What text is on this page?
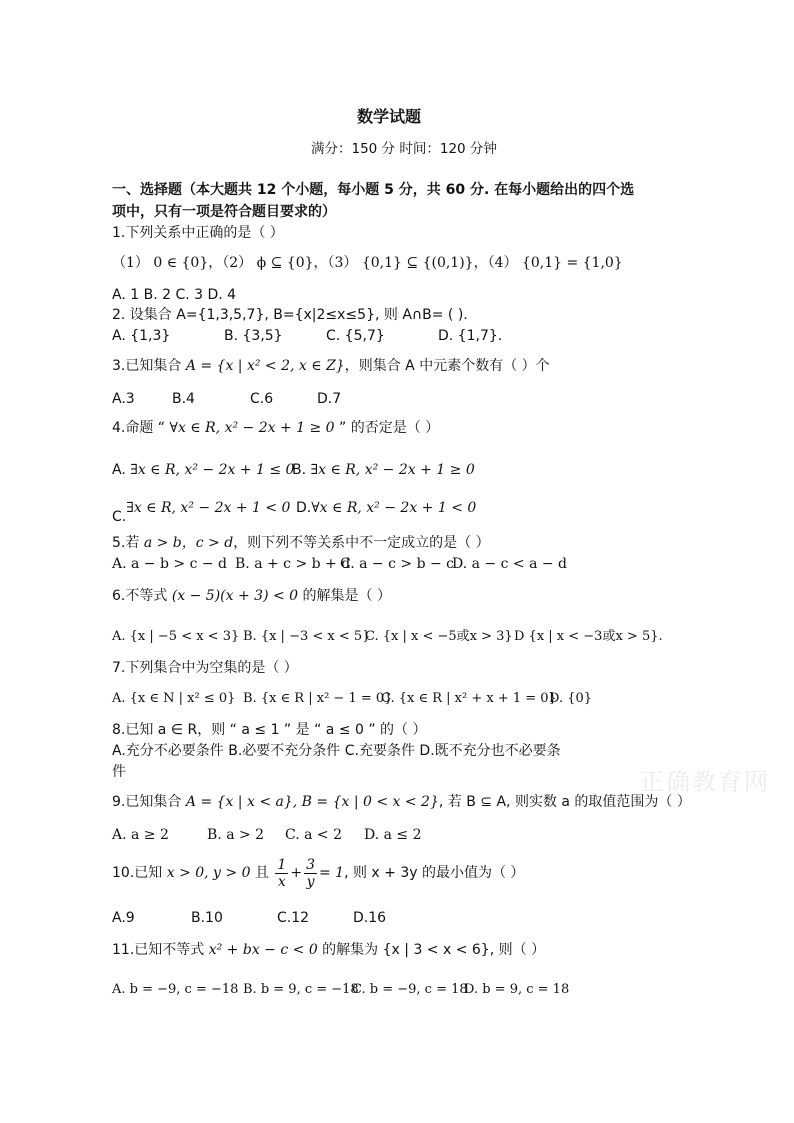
数学试题
满分：150 分 时间：120 分钟
一、选择题（本大题共 12 个小题，每小题 5 分，共 60 分. 在每小题给出的四个选
项中，只有一项是符合题目要求的）
1.下列关系中正确的是（ ）
（1） 0 ∈ {0}，（2） ϕ ⊆ {0}，（3） {0,1} ⊆ {(0,1)}，（4） {0,1} = {1,0}
A. 1 B. 2 C. 3 D. 4
2. 设集合 A={1,3,5,7}, B={x|2≤x≤5}, 则 A∩B= ( ).
A. {1,3}	B. {3,5}	C. {5,7}	D. {1,7}.
3.已知集合 A = {x | x² < 2, x ∈ Z}，则集合 A 中元素个数有（ ）个
A.3	B.4	C.6	D.7
4.命题 “ ∀x ∈ R, x² − 2x + 1 ≥ 0 ” 的否定是（ ）
A. ∃x ∈ R, x² − 2x + 1 ≤ 0
B. ∃x ∈ R, x² − 2x + 1 ≥ 0
C.∃x ∈ R, x² − 2x + 1 < 0 D.∀x ∈ R, x² − 2x + 1 < 0
5.若 a > b，c > d，则下列不等关系中不一定成立的是（ ）
A. a − b > c − d B. a + c > b + d
C. a − c > b − c
D. a − c < a − d
6.不等式 (x − 5)(x + 3) < 0 的解集是（ ）
A. {x | −5 < x < 3} B. {x | −3 < x < 5}
C. {x | x < −5或x > 3} D {x | x < −3或x > 5}.
7.下列集合中为空集的是（ ）
A. {x ∈ N | x² ≤ 0} B. {x ∈ R | x² − 1 = 0}
C. {x ∈ R | x² + x + 1 = 0}
D. {0}
8.已知 a ∈ R，则 “ a ≤ 1 ” 是 “ a ≤ 0 ” 的（ ）
A.充分不必要条件 B.必要不充分条件 C.充要条件 D.既不充分也不必要条
件
9.已知集合 A = {x | x < a}, B = {x | 0 < x < 2}, 若 B ⊆ A, 则实数 a 的取值范围为（ ）
A. a ≥ 2	B. a > 2 C. a < 2 D. a ≤ 2
10.已知 x > 0, y > 0 且 $\frac{1}{x} + \frac{3}{y} = 1$, 则 x + 3y 的最小值为（ ）
A.9	B.10	C.12	D.16
11.已知不等式 x² + bx − c < 0 的解集为 {x | 3 < x < 6}, 则（ ）
A. b = −9, c = −18 B. b = 9, c = −18
C. b = −9, c = 18
D. b = 9, c = 18
正确教育网
